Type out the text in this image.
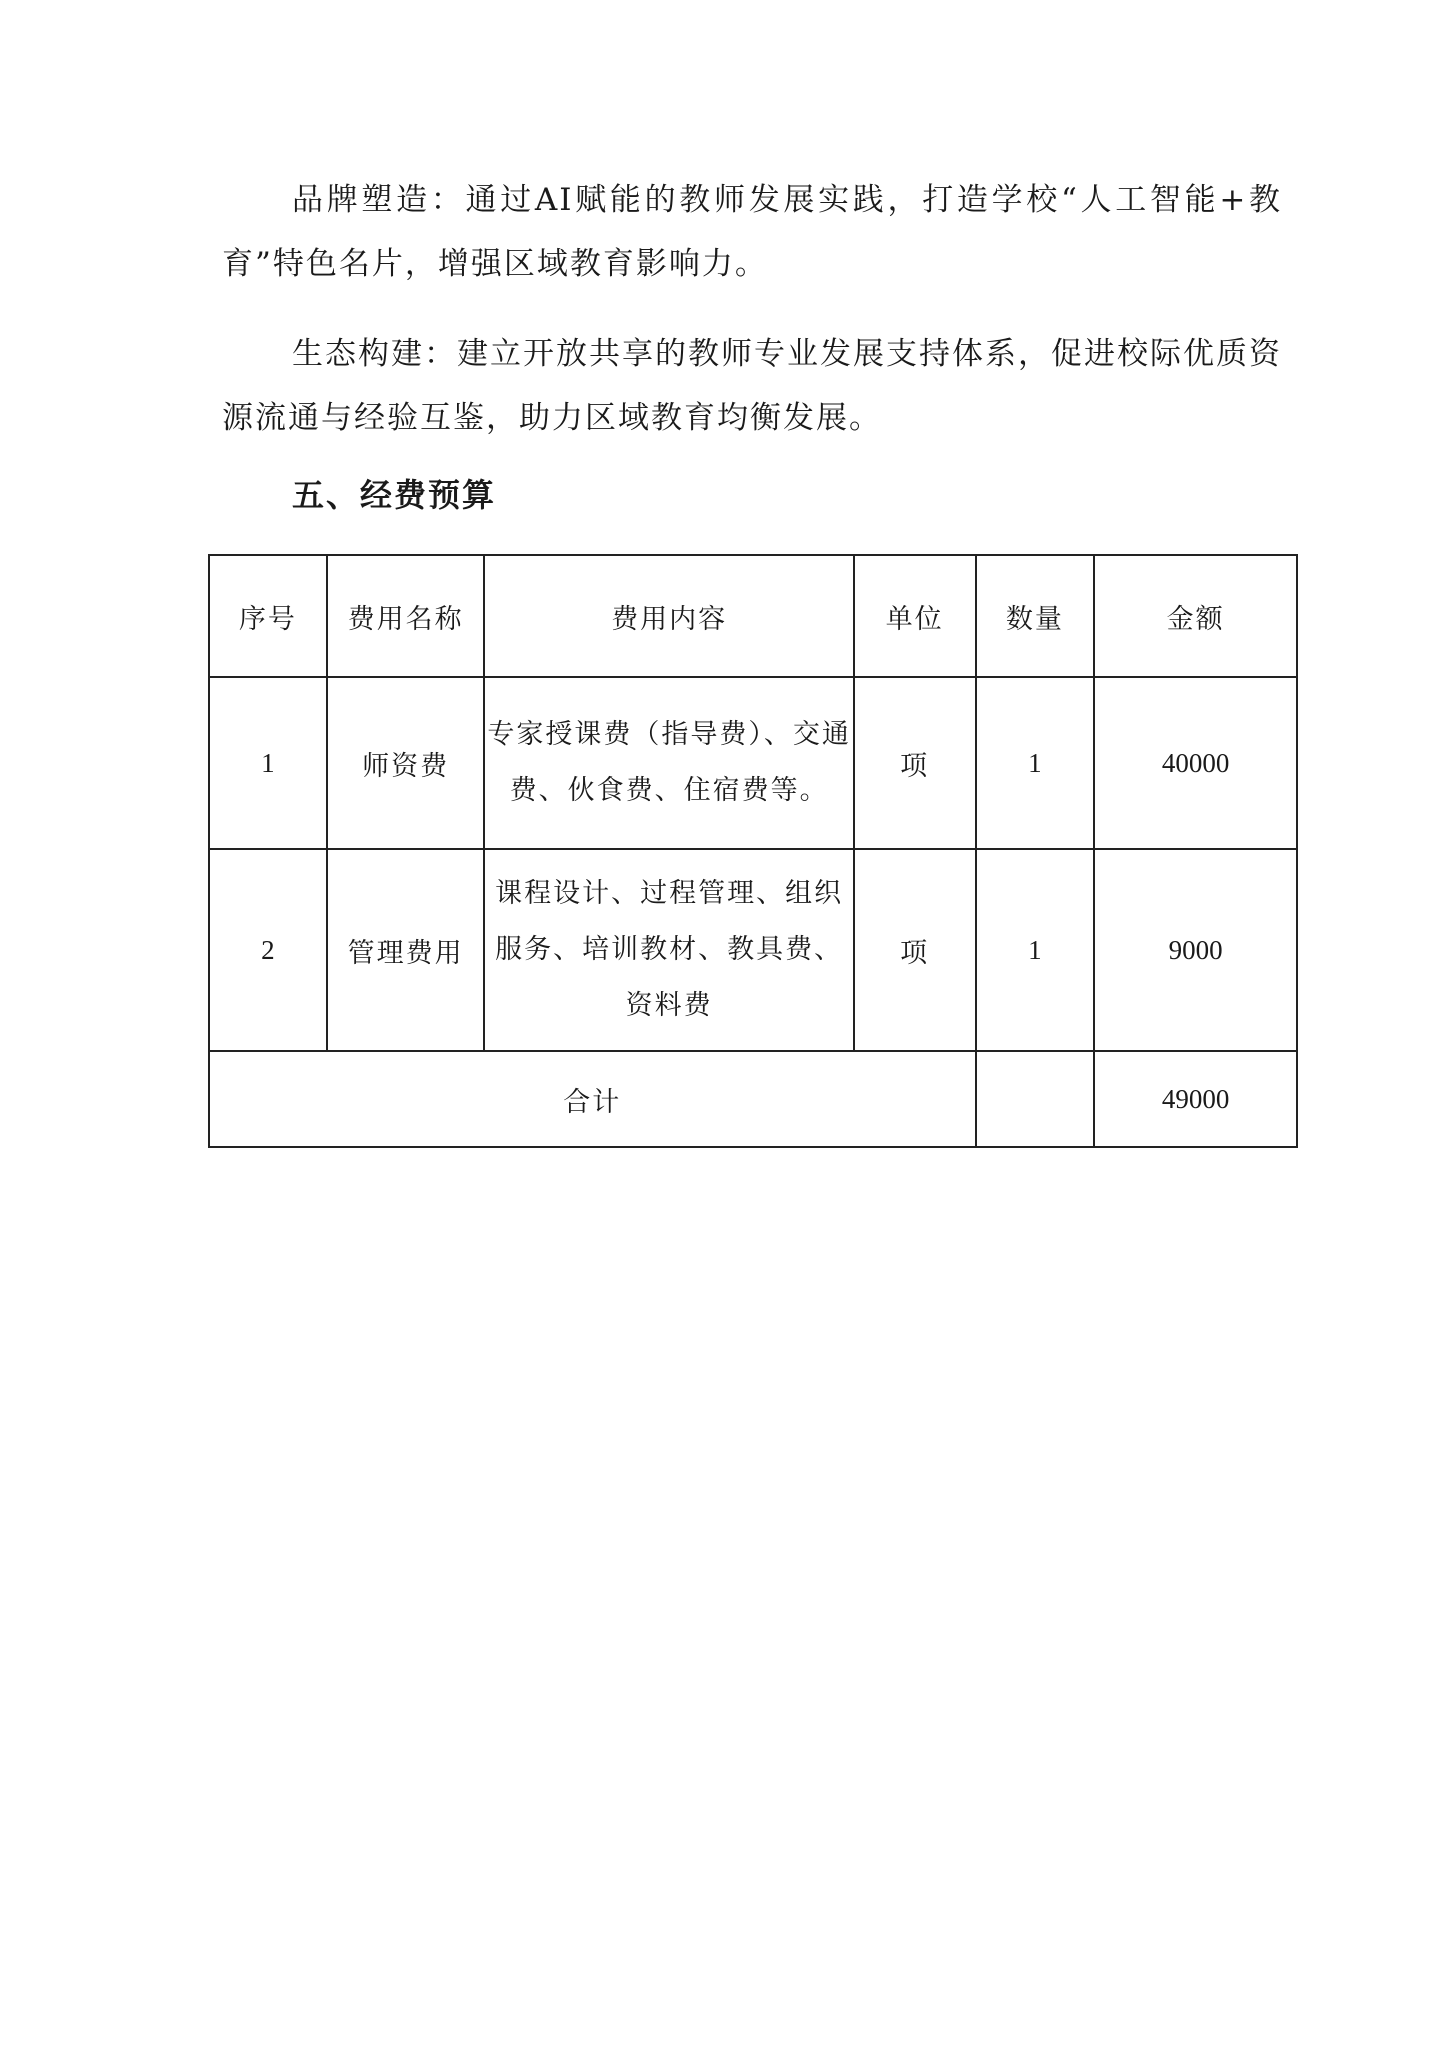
品牌塑造：通过AI赋能的教师发展实践，打造学校“人工智能+教育”特色名片，增强区域教育影响力。

生态构建：建立开放共享的教师专业发展支持体系，促进校际优质资源流通与经验互鉴，助力区域教育均衡发展。

五、经费预算
序号	费用名称	费用内容	单位	数量	金额
1	师资费	专家授课费（指导费）、交通费、伙食费、住宿费等。	项	1	40000
2	管理费用	课程设计、过程管理、组织服务、培训教材、教具费、资料费	项	1	9000
合计					49000
